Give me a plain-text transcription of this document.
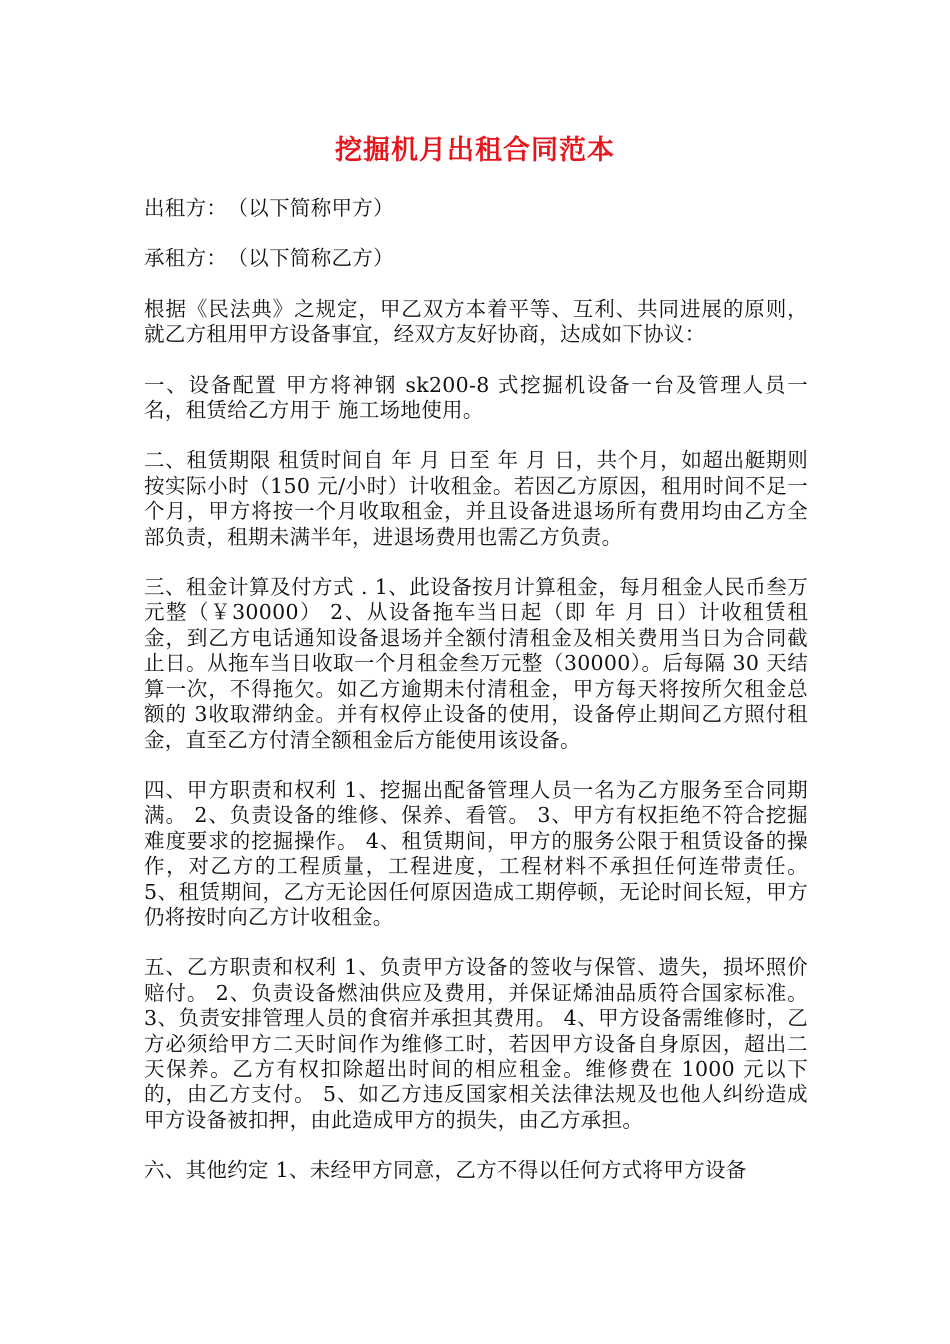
挖掘机月出租合同范本

出租方：　（以下简称甲方）

承租方：　（以下简称乙方）

根据《民法典》之规定，甲乙双方本着平等、互利、共同进展的原则，就乙方租用甲方设备事宜，经双方友好协商，达成如下协议：

一、设备配置 甲方将神钢 sk200-8 式挖掘机设备一台及管理人员一名，租赁给乙方用于 施工场地使用。

二、租赁期限 租赁时间自 年 月 日至 年 月 日，共个月，如超出艇期则按实际小时（150 元/小时）计收租金。若因乙方原因，租用时间不足一个月，甲方将按一个月收取租金，并且设备进退场所有费用均由乙方全部负责，租期未满半年，进退场费用也需乙方负责。

三、租金计算及付方式 . 1、此设备按月计算租金，每月租金人民币叁万元整（￥30000） 2、从设备拖车当日起（即 年 月 日）计收租赁租金，到乙方电话通知设备退场并全额付清租金及相关费用当日为合同截止日。从拖车当日收取一个月租金叁万元整（30000）。后每隔 30 天结算一次，不得拖欠。如乙方逾期未付清租金，甲方每天将按所欠租金总额的 3收取滞纳金。并有权停止设备的使用，设备停止期间乙方照付租金，直至乙方付清全额租金后方能使用该设备。

四、甲方职责和权利 1、挖掘出配备管理人员一名为乙方服务至合同期满。 2、负责设备的维修、保养、看管。 3、甲方有权拒绝不符合挖掘难度要求的挖掘操作。 4、租赁期间，甲方的服务公限于租赁设备的操作，对乙方的工程质量，工程进度，工程材料不承担任何连带责任。 5、租赁期间，乙方无论因任何原因造成工期停顿，无论时间长短，甲方仍将按时向乙方计收租金。

五、乙方职责和权利 1、负责甲方设备的签收与保管、遗失，损坏照价赔付。 2、负责设备燃油供应及费用，并保证烯油品质符合国家标准。 3、负责安排管理人员的食宿并承担其费用。 4、甲方设备需维修时，乙方必须给甲方二天时间作为维修工时，若因甲方设备自身原因，超出二天保养。乙方有权扣除超出时间的相应租金。维修费在 1000 元以下的，由乙方支付。 5、如乙方违反国家相关法律法规及也他人纠纷造成甲方设备被扣押，由此造成甲方的损失，由乙方承担。

六、其他约定 1、未经甲方同意，乙方不得以任何方式将甲方设备
